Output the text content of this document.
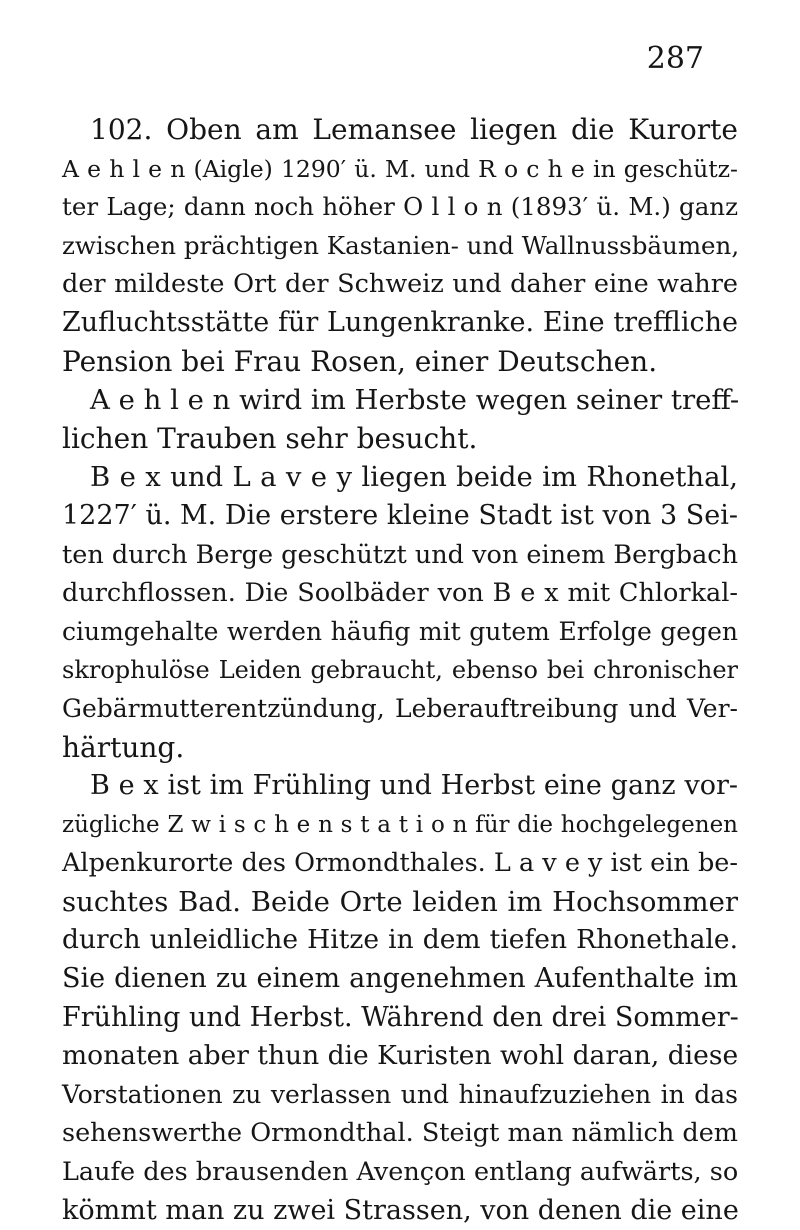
287
102. Oben am Lemansee liegen die Kurorte
A e h l e n (Aigle) 1290′ ü. M. und R o c h e in geschütz-
ter Lage; dann noch höher O l l o n (1893′ ü. M.) ganz
zwischen prächtigen Kastanien- und Wallnussbäumen,
der mildeste Ort der Schweiz und daher eine wahre
Zufluchtsstätte für Lungenkranke. Eine treffliche
Pension bei Frau Rosen, einer Deutschen.
A e h l e n wird im Herbste wegen seiner treff-
lichen Trauben sehr besucht.
B e x und L a v e y liegen beide im Rhonethal,
1227′ ü. M. Die erstere kleine Stadt ist von 3 Sei-
ten durch Berge geschützt und von einem Bergbach
durchflossen. Die Soolbäder von B e x mit Chlorkal-
ciumgehalte werden häufig mit gutem Erfolge gegen
skrophulöse Leiden gebraucht, ebenso bei chronischer
Gebärmutterentzündung, Leberauftreibung und Ver-
härtung.
B e x ist im Frühling und Herbst eine ganz vor-
zügliche Z w i s c h e n s t a t i o n für die hochgelegenen
Alpenkurorte des Ormondthales. L a v e y ist ein be-
suchtes Bad. Beide Orte leiden im Hochsommer
durch unleidliche Hitze in dem tiefen Rhonethale.
Sie dienen zu einem angenehmen Aufenthalte im
Frühling und Herbst. Während den drei Sommer-
monaten aber thun die Kuristen wohl daran, diese
Vorstationen zu verlassen und hinaufzuziehen in das
sehenswerthe Ormondthal. Steigt man nämlich dem
Laufe des brausenden Avençon entlang aufwärts, so
kömmt man zu zwei Strassen, von denen die eine
